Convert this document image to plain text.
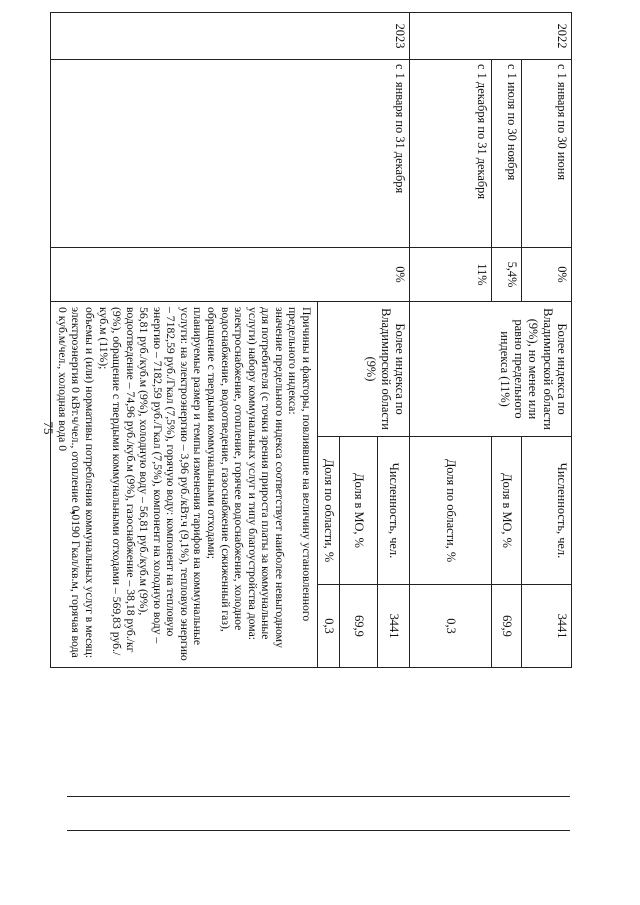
75
2022	с 1 января по 30 июня	0%	Более индекса по Владимирской области (9%), но менее или равно предельного индекса (11%)	Численность, чел.	3441
	с 1 июля по 30 ноября	5,4%		Доля в МО, %	69,9
	с 1 декабря по 31 декабря	11%		Доля по области, %	0,3
2023	с 1 января по 31 декабря	0%	Более индекса по Владимирской области (9%)	Численность, чел.	3441
				Доля в МО, %	69,9
				Доля по области, %	0,3

			Причины и факторы, повлиявшие на величину установленного предельного индекса:

значение предельного индекса соответствует наиболее невыгодному для потребителя (с точки зрения прироста платы за коммунальные услуги) набору коммунальных услуг и типу благоустройства дома: электроснабжение, отопление, горячее водоснабжение, холодное водоснабжение, водоотведение, газоснабжение (сжиженный газ), обращение с твердыми коммунальными отходами;

планируемые размер и темпы изменения тарифов на коммунальные услуги: на электроэнергию – 3,96 руб./кВт.ч (9,1%), тепловую энергию – 7182,59 руб./Гкал (7,5%), горячую воду: компонент на тепловую энергию – 7182,59 руб./Гкал (7,5%), компонент на холодную воду – 56,81 руб./куб.м (9%), холодную воду – 56,81 руб./куб.м (9%), водоотведение – 74,96 руб./куб.м (9%), газоснабжение – 38,18 руб./кг (9%), обращение с твердыми коммунальными отходами – 569,83 руб./куб.м (11%);

объемы и (или) нормативы потребления коммунальных услуг в месяц: электроэнергия 0 кВт.ч/чел., отопление 0,0190 Гкал/кв.м, горячая вода 0 куб.м/чел., холодная вода 0		
